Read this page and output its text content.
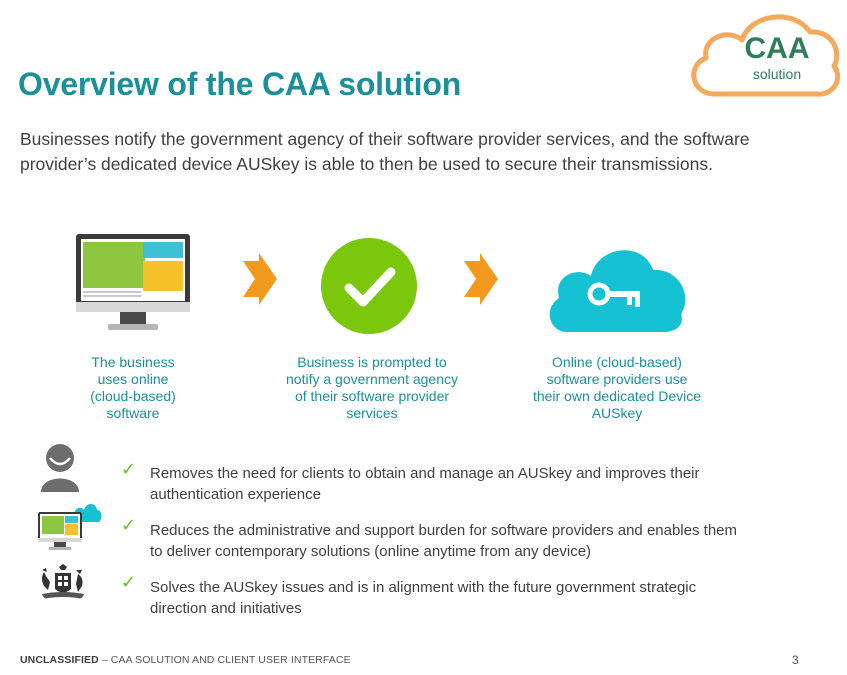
CAA
solution
Overview of the CAA solution

Businesses notify the government agency of their software provider services, and the software provider’s dedicated device AUSkey is able to then be used to secure their transmissions.

The business uses online (cloud-based) software
Business is prompted to notify a government agency of their software provider services
Online (cloud-based) software providers use their own dedicated Device AUSkey
✓ Removes the need for clients to obtain and manage an AUSkey and improves their authentication experience
✓ Reduces the administrative and support burden for software providers and enables them to deliver contemporary solutions (online anytime from any device)
✓ Solves the AUSkey issues and is in alignment with the future government strategic direction and initiatives
UNCLASSIFIED – CAA SOLUTION AND CLIENT USER INTERFACE	3
